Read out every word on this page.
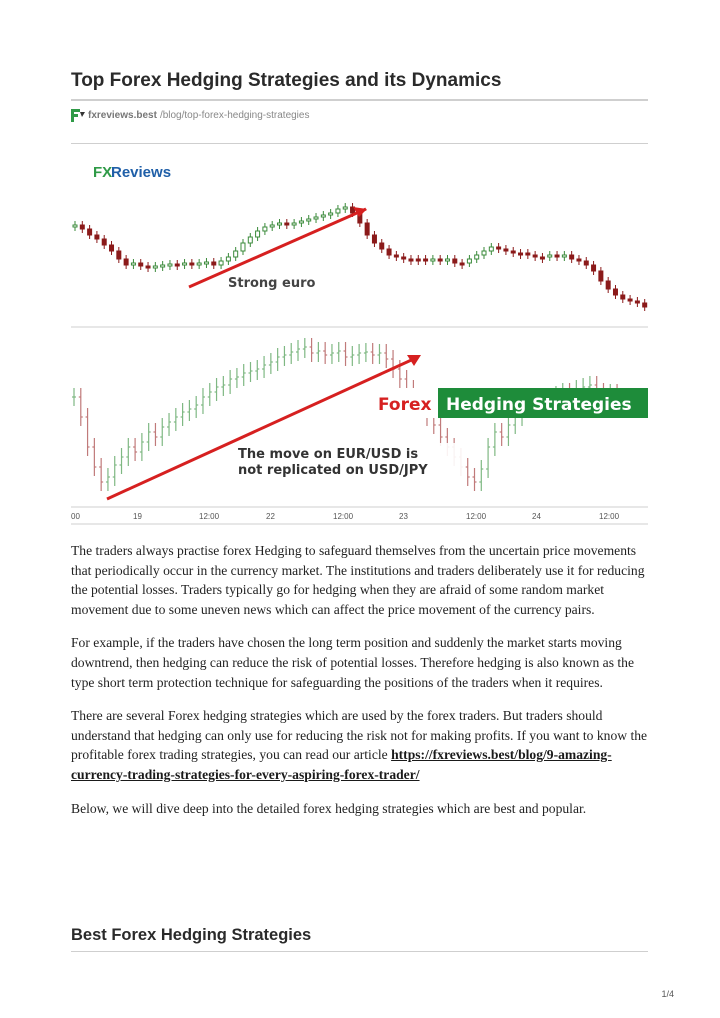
Top Forex Hedging Strategies and its Dynamics
fxreviews.best /blog/top-forex-hedging-strategies
FX
Reviews
Strong euro
Forex Hedging Strategies
The move on EUR/USD is
not replicated on USD/JPY
00	19	12:00	22	12:00	23	12:00	24	12:00

The traders always practise forex Hedging to safeguard themselves from the uncertain price movements that periodically occur in the currency market. The institutions and traders deliberately use it for reducing the potential losses. Traders typically go for hedging when they are afraid of some random market movement due to some uneven news which can affect the price movement of the currency pairs.

For example, if the traders have chosen the long term position and suddenly the market starts moving downtrend, then hedging can reduce the risk of potential losses. Therefore hedging is also known as the type short term protection technique for safeguarding the positions of the traders when it requires.

There are several Forex hedging strategies which are used by the forex traders. But traders should understand that hedging can only use for reducing the risk not for making profits. If you want to know the profitable forex trading strategies, you can read our article https://fxreviews.best/blog/9-amazing-currency-trading-strategies-for-every-aspiring-forex-trader/

Below, we will dive deep into the detailed forex hedging strategies which are best and popular.

Best Forex Hedging Strategies
1/4
